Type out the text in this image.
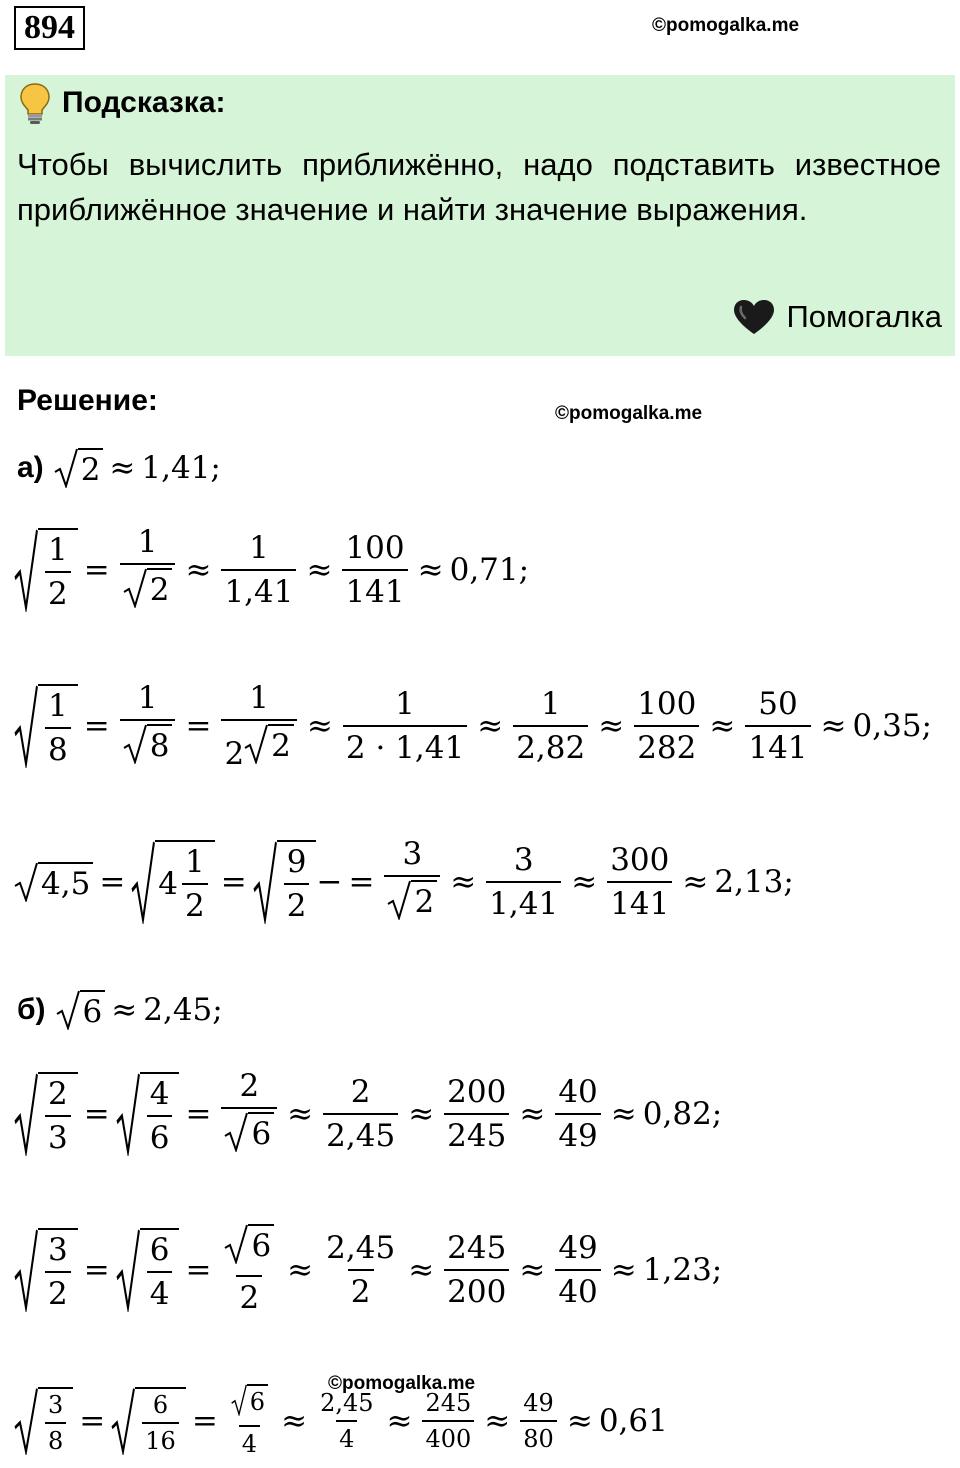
894	©pomogalka.me
Подсказка:
Чтобы вычислить приближённо, надо подставить известное приближённое значение и найти значение выражения.
Помогалка
Решение:	©pomogalka.me
а) 2 ≈ 1,41;
$\frac{1}{2} = \frac{1}{2} \approx \frac{1}{1,41} \approx \frac{100}{141} \approx 0,71$;
$\frac{1}{8} = \frac{1}{8} = \frac{1}{2 2} \approx \frac{1}{2 \cdot 1,41} \approx \frac{1}{2,82} \approx \frac{100}{282} \approx \frac{50}{141} \approx 0,35$;
$4,5 = 4 \frac{1}{2} = \frac{9}{2}$ − = $\frac{3}{2} \approx \frac{3}{1,41} \approx \frac{300}{141} \approx 2,13$;
б) 6 ≈ 2,45;
$\frac{2}{3} = \frac{4}{6} = \frac{2}{6} \approx \frac{2}{2,45} \approx \frac{200}{245} \approx \frac{40}{49} \approx 0,82$;
$\frac{3}{2} = \frac{6}{4} = \frac{6}{2} \approx \frac{2,45}{2} \approx \frac{245}{200} \approx \frac{49}{40} \approx 1,23$;
©pomogalka.me
$\frac{3}{8} = \frac{6}{16} = \frac{6}{4} \approx \frac{2,45}{4} \approx \frac{245}{400} \approx \frac{49}{80} \approx 0,61$
